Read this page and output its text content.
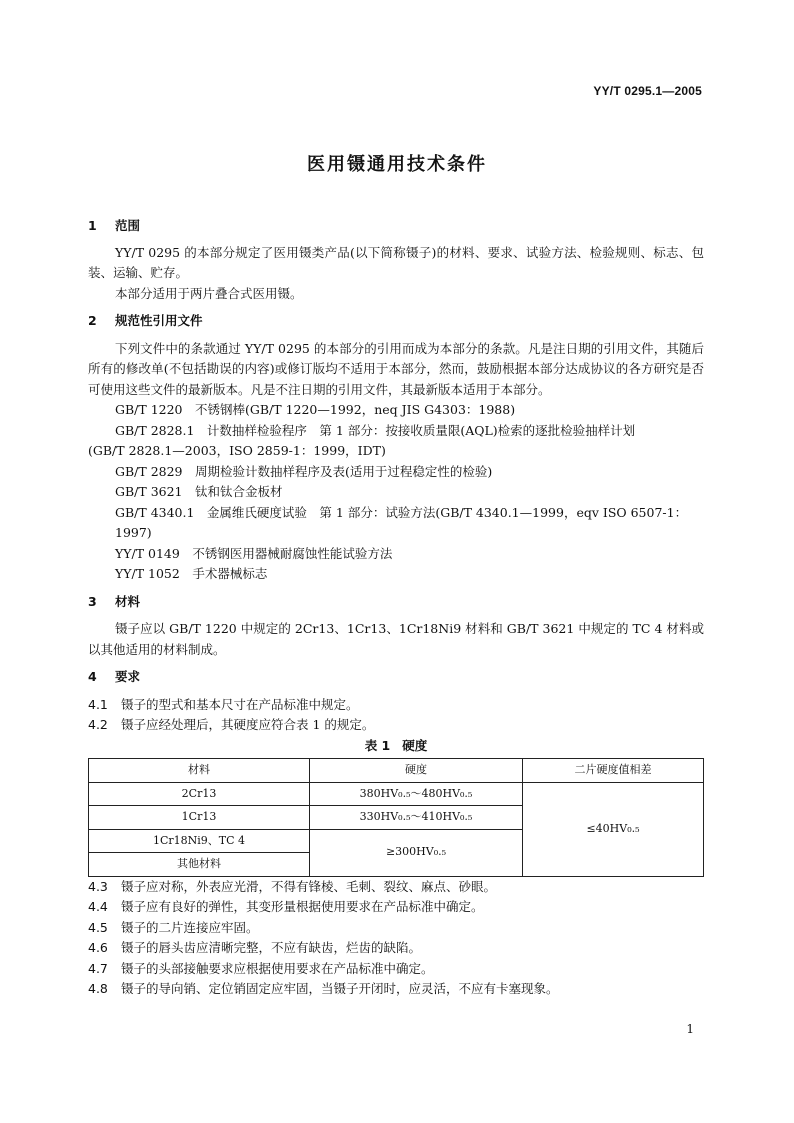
YY/T 0295.1—2005
医用镊通用技术条件

1 范围

YY/T 0295 的本部分规定了医用镊类产品(以下简称镊子)的材料、要求、试验方法、检验规则、标志、包装、运输、贮存。

本部分适用于两片叠合式医用镊。

2 规范性引用文件

下列文件中的条款通过 YY/T 0295 的本部分的引用而成为本部分的条款。凡是注日期的引用文件，其随后所有的修改单(不包括勘误的内容)或修订版均不适用于本部分，然而，鼓励根据本部分达成协议的各方研究是否可使用这些文件的最新版本。凡是不注日期的引用文件，其最新版本适用于本部分。

GB/T 1220　不锈钢棒(GB/T 1220—1992，neq JIS G4303：1988)

GB/T 2828.1　计数抽样检验程序　第 1 部分：按接收质量限(AQL)检索的逐批检验抽样计划

(GB/T 2828.1—2003，ISO 2859-1：1999，IDT)

GB/T 2829　周期检验计数抽样程序及表(适用于过程稳定性的检验)

GB/T 3621　钛和钛合金板材

GB/T 4340.1　金属维氏硬度试验　第 1 部分：试验方法(GB/T 4340.1—1999，eqv ISO 6507-1：1997)

YY/T 0149　不锈钢医用器械耐腐蚀性能试验方法

YY/T 1052　手术器械标志

3 材料

镊子应以 GB/T 1220 中规定的 2Cr13、1Cr13、1Cr18Ni9 材料和 GB/T 3621 中规定的 TC 4 材料或以其他适用的材料制成。

4 要求

4.1 镊子的型式和基本尺寸在产品标准中规定。

4.2 镊子应经处理后，其硬度应符合表 1 的规定。

表 1 硬度

材料	硬度	二片硬度值相差
2Cr13	380HV₀.₅～480HV₀.₅	≤40HV₀.₅
1Cr13	330HV₀.₅～410HV₀.₅	
1Cr18Ni9、TC 4	≥300HV₀.₅	
其他材料		

4.3 镊子应对称，外表应光滑，不得有锋棱、毛刺、裂纹、麻点、砂眼。

4.4 镊子应有良好的弹性，其变形量根据使用要求在产品标准中确定。

4.5 镊子的二片连接应牢固。

4.6 镊子的唇头齿应清晰完整，不应有缺齿，烂齿的缺陷。

4.7 镊子的头部接触要求应根据使用要求在产品标准中确定。

4.8 镊子的导向销、定位销固定应牢固，当镊子开闭时，应灵活，不应有卡塞现象。

1
